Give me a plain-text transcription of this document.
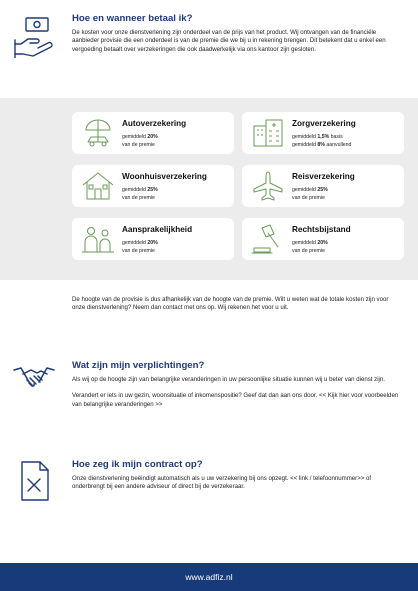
Hoe en wanneer betaal ik?

De kosten voor onze dienstverlening zijn onderdeel van de prijs van het product. Wij ontvangen van de financiële aanbieder provisie die een onderdeel is van de premie die we bij u in rekening brengen. Dit betekent dat u enkel een vergoeding betaalt over verzekeringen die ook daadwerkelijk via ons kantoor zijn gesloten.

Autoverzekering
gemiddeld 20%
van de premie
Zorgverzekering
gemiddeld 1,5% basis
gemiddeld 8% aanvullend
Woonhuisverzekering
gemiddeld 25%
van de premie
Reisverzekering
gemiddeld 25%
van de premie
Aansprakelijkheid
gemiddeld 20%
van de premie
Rechtsbijstand
gemiddeld 20%
van de premie

De hoogte van de provisie is dus afhankelijk van de hoogte van de premie. Wilt u weten wat de totale kosten zijn voor onze dienstverlening? Neem dan contact met ons op. Wij rekenen het voor u uit.

Wat zijn mijn verplichtingen?

Als wij op de hoogte zijn van belangrijke veranderingen in uw persoonlijke situatie kunnen wij u beter van dienst zijn.

Verandert er iets in uw gezin, woonsituatie of inkomenspositie? Geef dat dan aan ons door. << Kijk hier voor voorbeelden van belangrijke veranderingen >>

Hoe zeg ik mijn contract op?

Onze dienstverlening beëindigt automatisch als u uw verzekering bij ons opzegt. << link / telefoonnummer>> of onderbrengt bij een andere adviseur of direct bij de verzekeraar.

www.adfiz.nl
